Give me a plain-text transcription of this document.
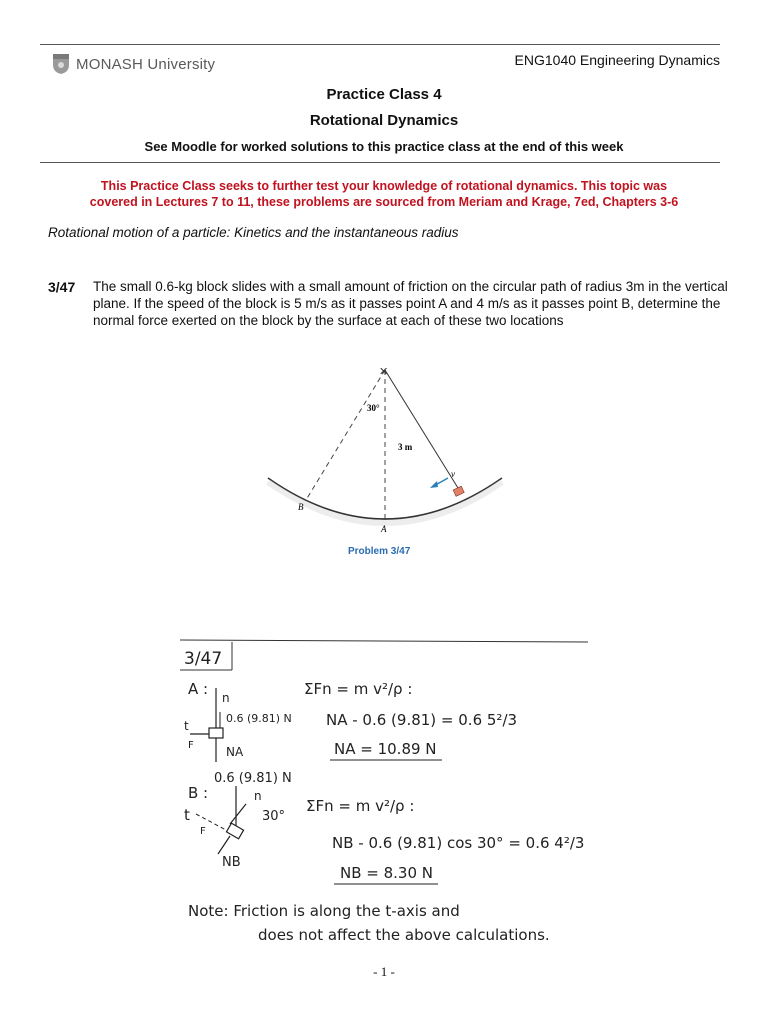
MONASH University	ENG1040 Engineering Dynamics
Practice Class 4
Rotational Dynamics
See Moodle for worked solutions to this practice class at the end of this week
This Practice Class seeks to further test your knowledge of rotational dynamics. This topic was
covered in Lectures 7 to 11, these problems are sourced from Meriam and Krage, 7ed, Chapters 3-6
Rotational motion of a particle: Kinetics and the instantaneous radius
3/47 The small 0.6-kg block slides with a small amount of friction on the circular path of radius 3m in the vertical plane. If the speed of the block is 5 m/s as it passes point A and 4 m/s as it passes point B, determine the normal force exerted on the block by the surface at each of these two locations
✕
30°
3 m
v
B
A
Problem 3/47
3/47
A : n
0.6 (9.81) N
t
F	NA
ΣFn = m v²/ρ :
NA - 0.6 (9.81) = 0.6 5²/3
NA = 10.89 N
0.6 (9.81) N
B :	n
30°
t
F
NB
ΣFn = m v²/ρ :
NB - 0.6 (9.81) cos 30° = 0.6 4²/3
NB = 8.30 N
Note: Friction is along the t-axis and
does not affect the above calculations.
- 1 -
